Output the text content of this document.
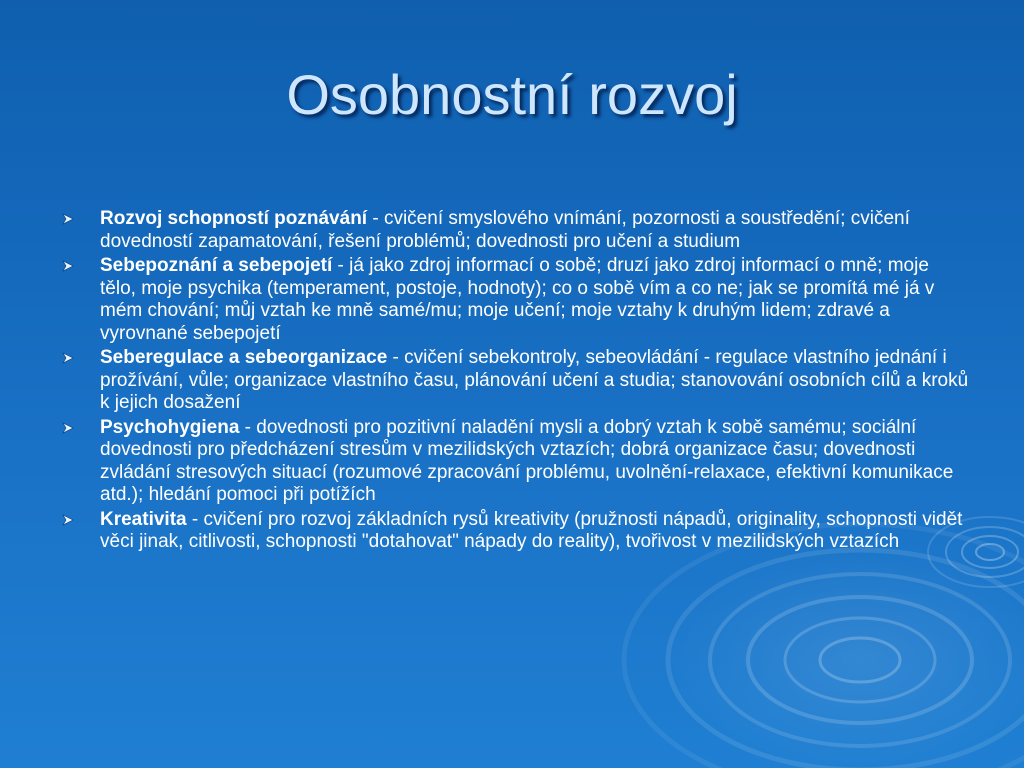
Osobnostní rozvoj
Rozvoj schopností poznávání - cvičení smyslového vnímání, pozornosti a soustředění; cvičení dovedností zapamatování, řešení problémů; dovednosti pro učení a studium
Sebepoznání a sebepojetí - já jako zdroj informací o sobě; druzí jako zdroj informací o mně; moje tělo, moje psychika (temperament, postoje, hodnoty); co o sobě vím a co ne; jak se promítá mé já v mém chování; můj vztah ke mně samé/mu; moje učení; moje vztahy k druhým lidem; zdravé a vyrovnané sebepojetí
Seberegulace a sebeorganizace - cvičení sebekontroly, sebeovládání - regulace vlastního jednání i prožívání, vůle; organizace vlastního času, plánování učení a studia; stanovování osobních cílů a kroků k jejich dosažení
Psychohygiena - dovednosti pro pozitivní naladění mysli a dobrý vztah k sobě samému; sociální dovednosti pro předcházení stresům v mezilidských vztazích; dobrá organizace času; dovednosti zvládání stresových situací (rozumové zpracování problému, uvolnění-relaxace, efektivní komunikace atd.); hledání pomoci při potížích
Kreativita - cvičení pro rozvoj základních rysů kreativity (pružnosti nápadů, originality, schopnosti vidět věci jinak, citlivosti, schopnosti "dotahovat" nápady do reality), tvořivost v mezilidských vztazích
